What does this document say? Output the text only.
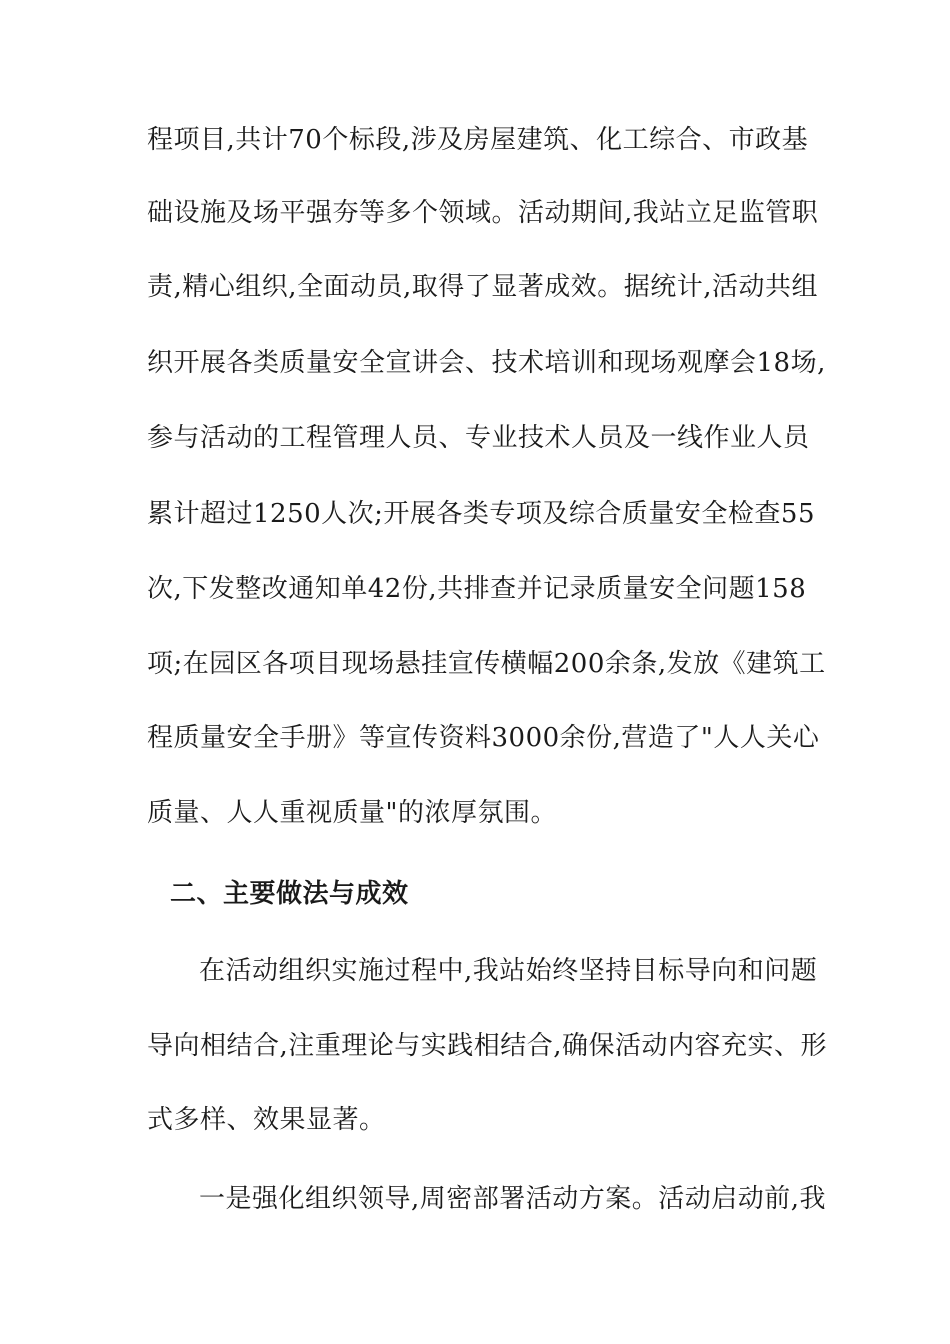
程项目,共计70个标段,涉及房屋建筑、化工综合、市政基
础设施及场平强夯等多个领域。活动期间,我站立足监管职
责,精心组织,全面动员,取得了显著成效。据统计,活动共组
织开展各类质量安全宣讲会、技术培训和现场观摩会18场,
参与活动的工程管理人员、专业技术人员及一线作业人员
累计超过1250人次;开展各类专项及综合质量安全检查55
次,下发整改通知单42份,共排查并记录质量安全问题158
项;在园区各项目现场悬挂宣传横幅200余条,发放《建筑工
程质量安全手册》等宣传资料3000余份,营造了"人人关心
质量、人人重视质量"的浓厚氛围。
二、主要做法与成效
在活动组织实施过程中,我站始终坚持目标导向和问题
导向相结合,注重理论与实践相结合,确保活动内容充实、形
式多样、效果显著。
一是强化组织领导,周密部署活动方案。活动启动前,我
